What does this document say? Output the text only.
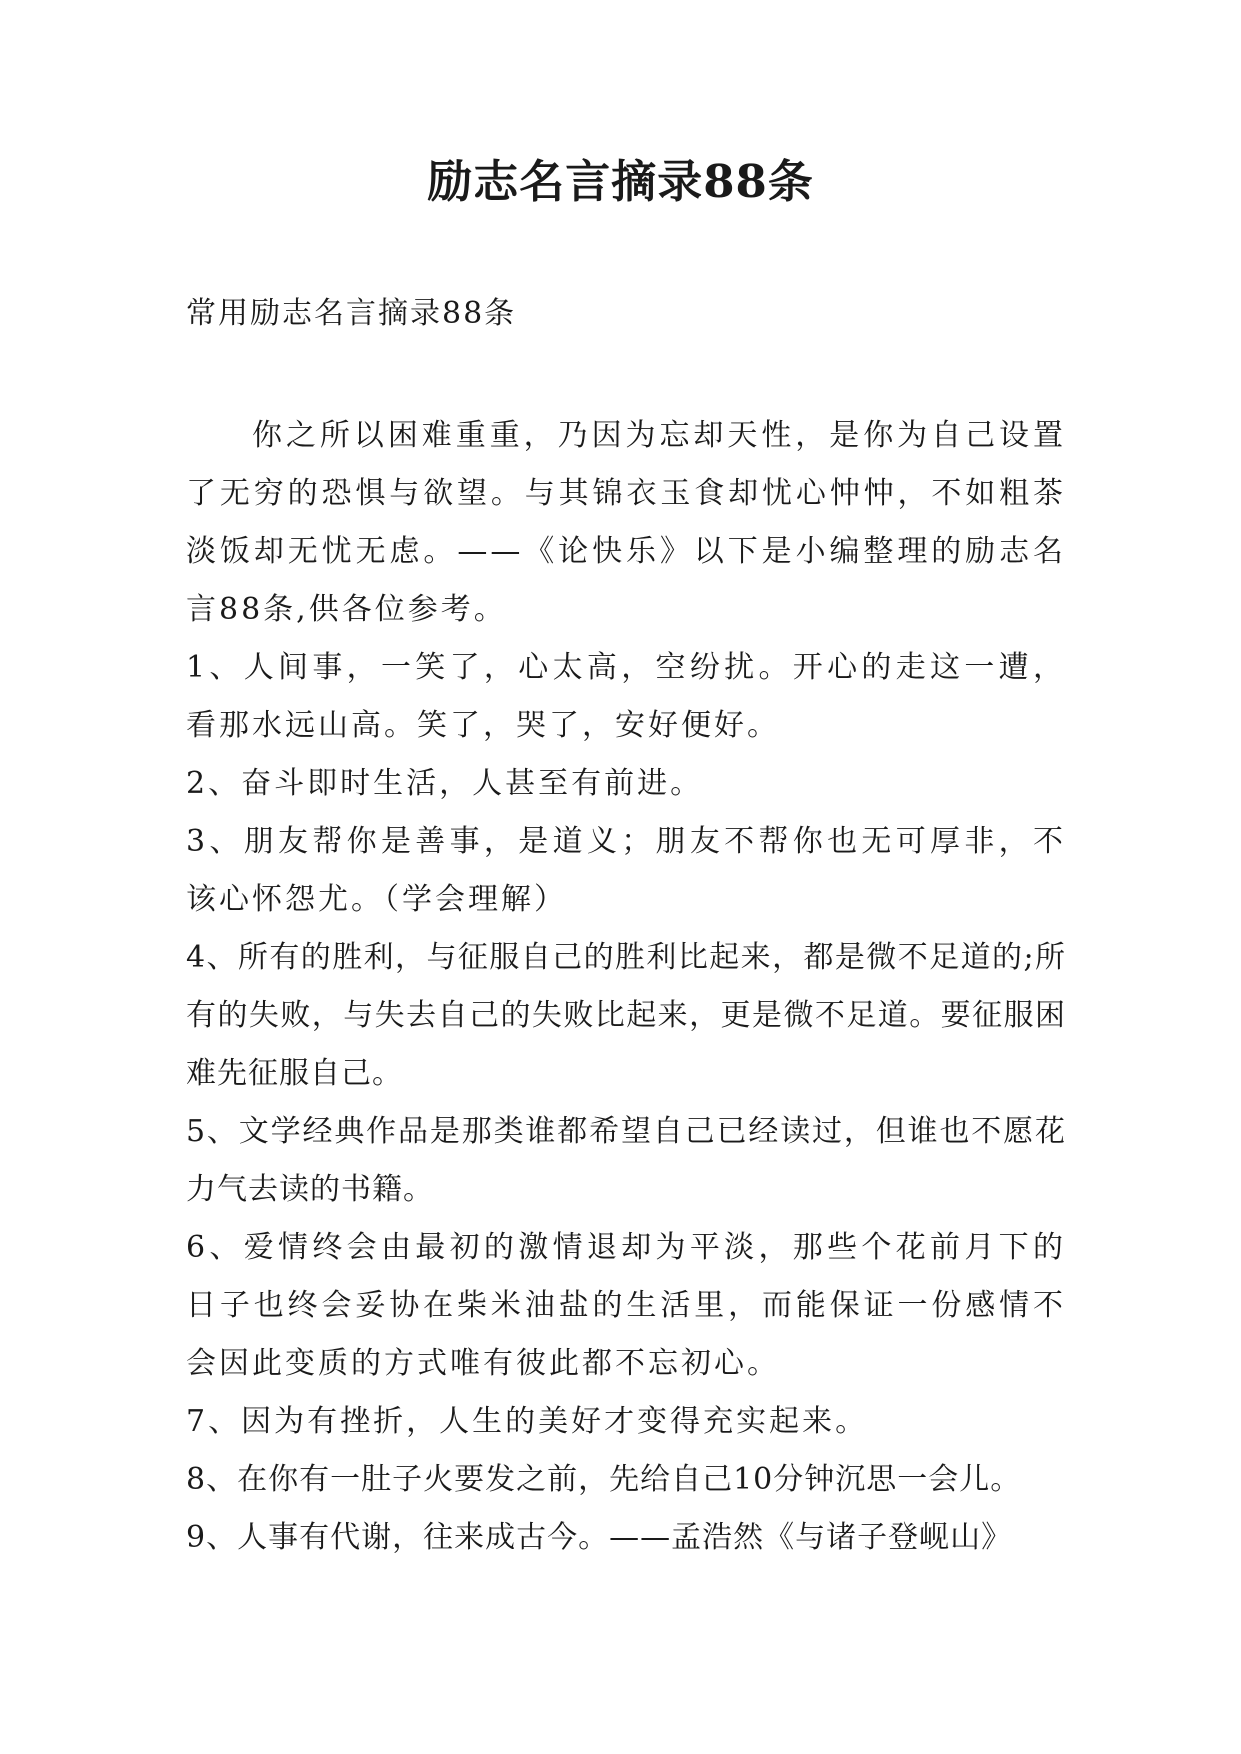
励志名言摘录88条
常用励志名言摘录88条

你之所以困难重重，乃因为忘却天性，是你为自己设置了无穷的恐惧与欲望。与其锦衣玉食却忧心忡忡，不如粗茶淡饭却无忧无虑。——《论快乐》以下是小编整理的励志名言88条,供各位参考。

1、人间事，一笑了，心太高，空纷扰。开心的走这一遭，看那水远山高。笑了，哭了，安好便好。

2、奋斗即时生活，人甚至有前进。

3、朋友帮你是善事，是道义；朋友不帮你也无可厚非，不该心怀怨尤。（学会理解）

4、所有的胜利，与征服自己的胜利比起来，都是微不足道的;所有的失败，与失去自己的失败比起来，更是微不足道。要征服困难先征服自己。

5、文学经典作品是那类谁都希望自己已经读过，但谁也不愿花力气去读的书籍。

6、爱情终会由最初的激情退却为平淡，那些个花前月下的日子也终会妥协在柴米油盐的生活里，而能保证一份感情不会因此变质的方式唯有彼此都不忘初心。

7、因为有挫折，人生的美好才变得充实起来。

8、在你有一肚子火要发之前，先给自己10分钟沉思一会儿。

9、人事有代谢，往来成古今。——孟浩然《与诸子登岘山》
